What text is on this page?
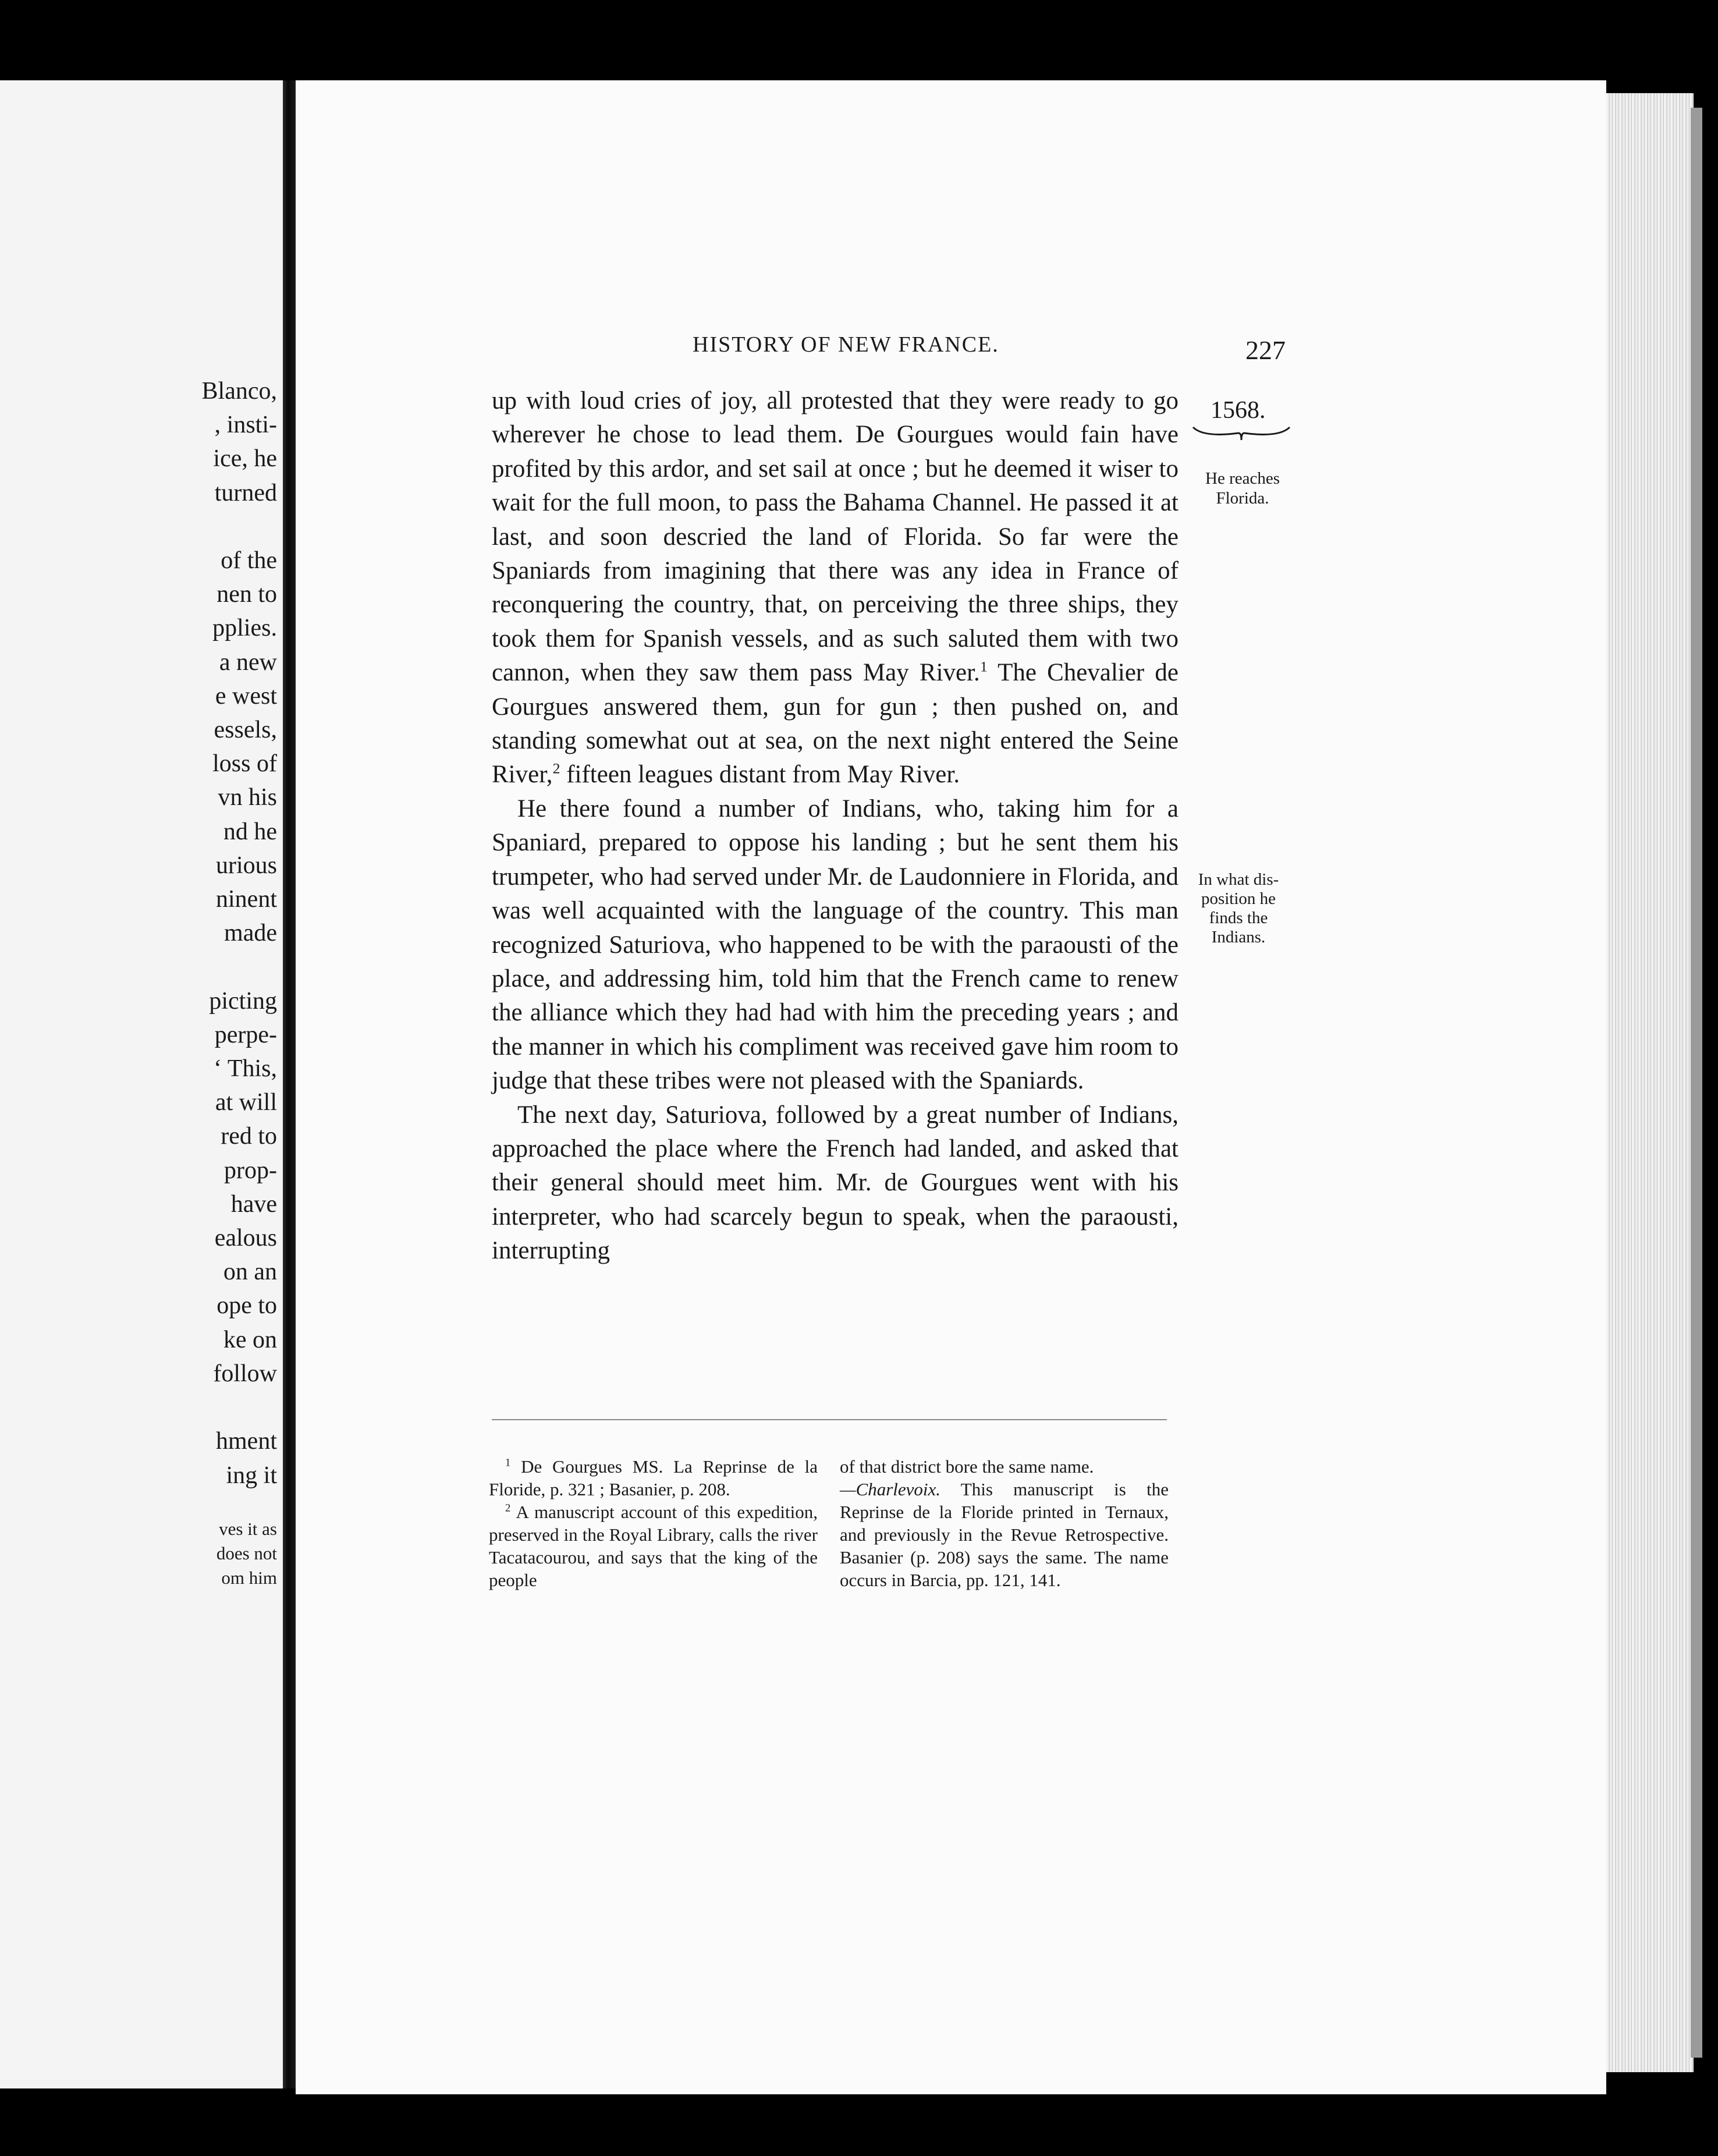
Blanco,
, insti-
ice, he
turned

of the
nen to
pplies.
a new
e west
essels,
loss of
vn his
nd he
urious
ninent
made

picting
perpe-
‘ This,
at will
red to
prop-
have
ealous
on an
ope to
ke on
follow

hment
ing it
ves it as
does not
om him
HISTORY OF NEW FRANCE.	227
1568.
He reaches
Florida.
In what dis-
position he
finds the
Indians.

up with loud cries of joy, all protested that they were ready to go wherever he chose to lead them. De Gourgues would fain have profited by this ardor, and set sail at once ; but he deemed it wiser to wait for the full moon, to pass the Bahama Channel. He passed it at last, and soon descried the land of Florida. So far were the Spaniards from imagining that there was any idea in France of reconquering the country, that, on perceiving the three ships, they took them for Spanish vessels, and as such saluted them with two cannon, when they saw them pass May River.$^1$ The Chevalier de Gourgues answered them, gun for gun ; then pushed on, and standing somewhat out at sea, on the next night entered the Seine River,$^2$ fifteen leagues distant from May River.

He there found a number of Indians, who, taking him for a Spaniard, prepared to oppose his landing ; but he sent them his trumpeter, who had served under Mr. de Laudonniere in Florida, and was well acquainted with the language of the country. This man recognized Saturiova, who happened to be with the paraousti of the place, and addressing him, told him that the French came to renew the alliance which they had had with him the preceding years ; and the manner in which his compliment was received gave him room to judge that these tribes were not pleased with the Spaniards.

The next day, Saturiova, followed by a great number of Indians, approached the place where the French had landed, and asked that their general should meet him. Mr. de Gourgues went with his interpreter, who had scarcely begun to speak, when the paraousti, interrupting

$^1$ De Gourgues MS. La Reprinse de la Floride, p. 321 ; Basanier, p. 208.

$^2$ A manuscript account of this expedition, preserved in the Royal Library, calls the river Tacatacourou, and says that the king of the people

of that district bore the same name.
—Charlevoix. This manuscript is the Reprinse de la Floride printed in Ternaux, and previously in the Revue Retrospective. Basanier (p. 208) says the same. The name occurs in Barcia, pp. 121, 141.
